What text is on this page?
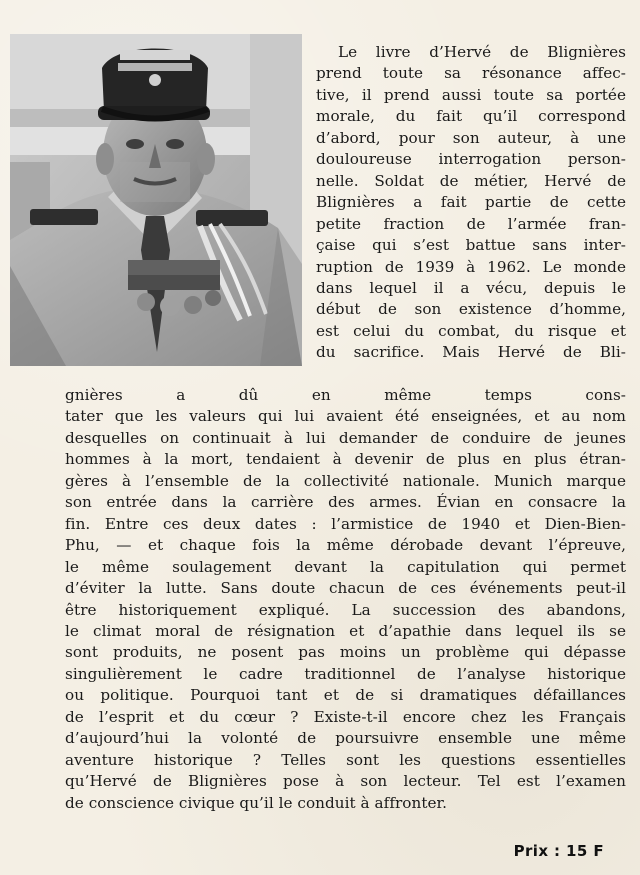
Le livre d’Hervé de Blignières
prend toute sa résonance affec-
tive, il prend aussi toute sa portée
morale, du fait qu’il correspond
d’abord, pour son auteur, à une
douloureuse interrogation person-
nelle. Soldat de métier, Hervé de
Blignières a fait partie de cette
petite fraction de l’armée fran-
çaise qui s’est battue sans inter-
ruption de 1939 à 1962. Le monde
dans lequel il a vécu, depuis le
début de son existence d’homme,
est celui du combat, du risque et
du sacrifice. Mais Hervé de Bli-
gnières a dû en même temps cons-
tater que les valeurs qui lui avaient été enseignées, et au nom
desquelles on continuait à lui demander de conduire de jeunes
hommes à la mort, tendaient à devenir de plus en plus étran-
gères à l’ensemble de la collectivité nationale. Munich marque
son entrée dans la carrière des armes. Évian en consacre la
fin. Entre ces deux dates : l’armistice de 1940 et Dien-Bien-
Phu, — et chaque fois la même dérobade devant l’épreuve,
le même soulagement devant la capitulation qui permet
d’éviter la lutte. Sans doute chacun de ces événements peut-il
être historiquement expliqué. La succession des abandons,
le climat moral de résignation et d’apathie dans lequel ils se
sont produits, ne posent pas moins un problème qui dépasse
singulièrement le cadre traditionnel de l’analyse historique
ou politique. Pourquoi tant et de si dramatiques défaillances
de l’esprit et du cœur ? Existe-t-il encore chez les Français
d’aujourd’hui la volonté de poursuivre ensemble une même
aventure historique ? Telles sont les questions essentielles
qu’Hervé de Blignières pose à son lecteur. Tel est l’examen
de conscience civique qu’il le conduit à affronter.
Prix : 15 F
